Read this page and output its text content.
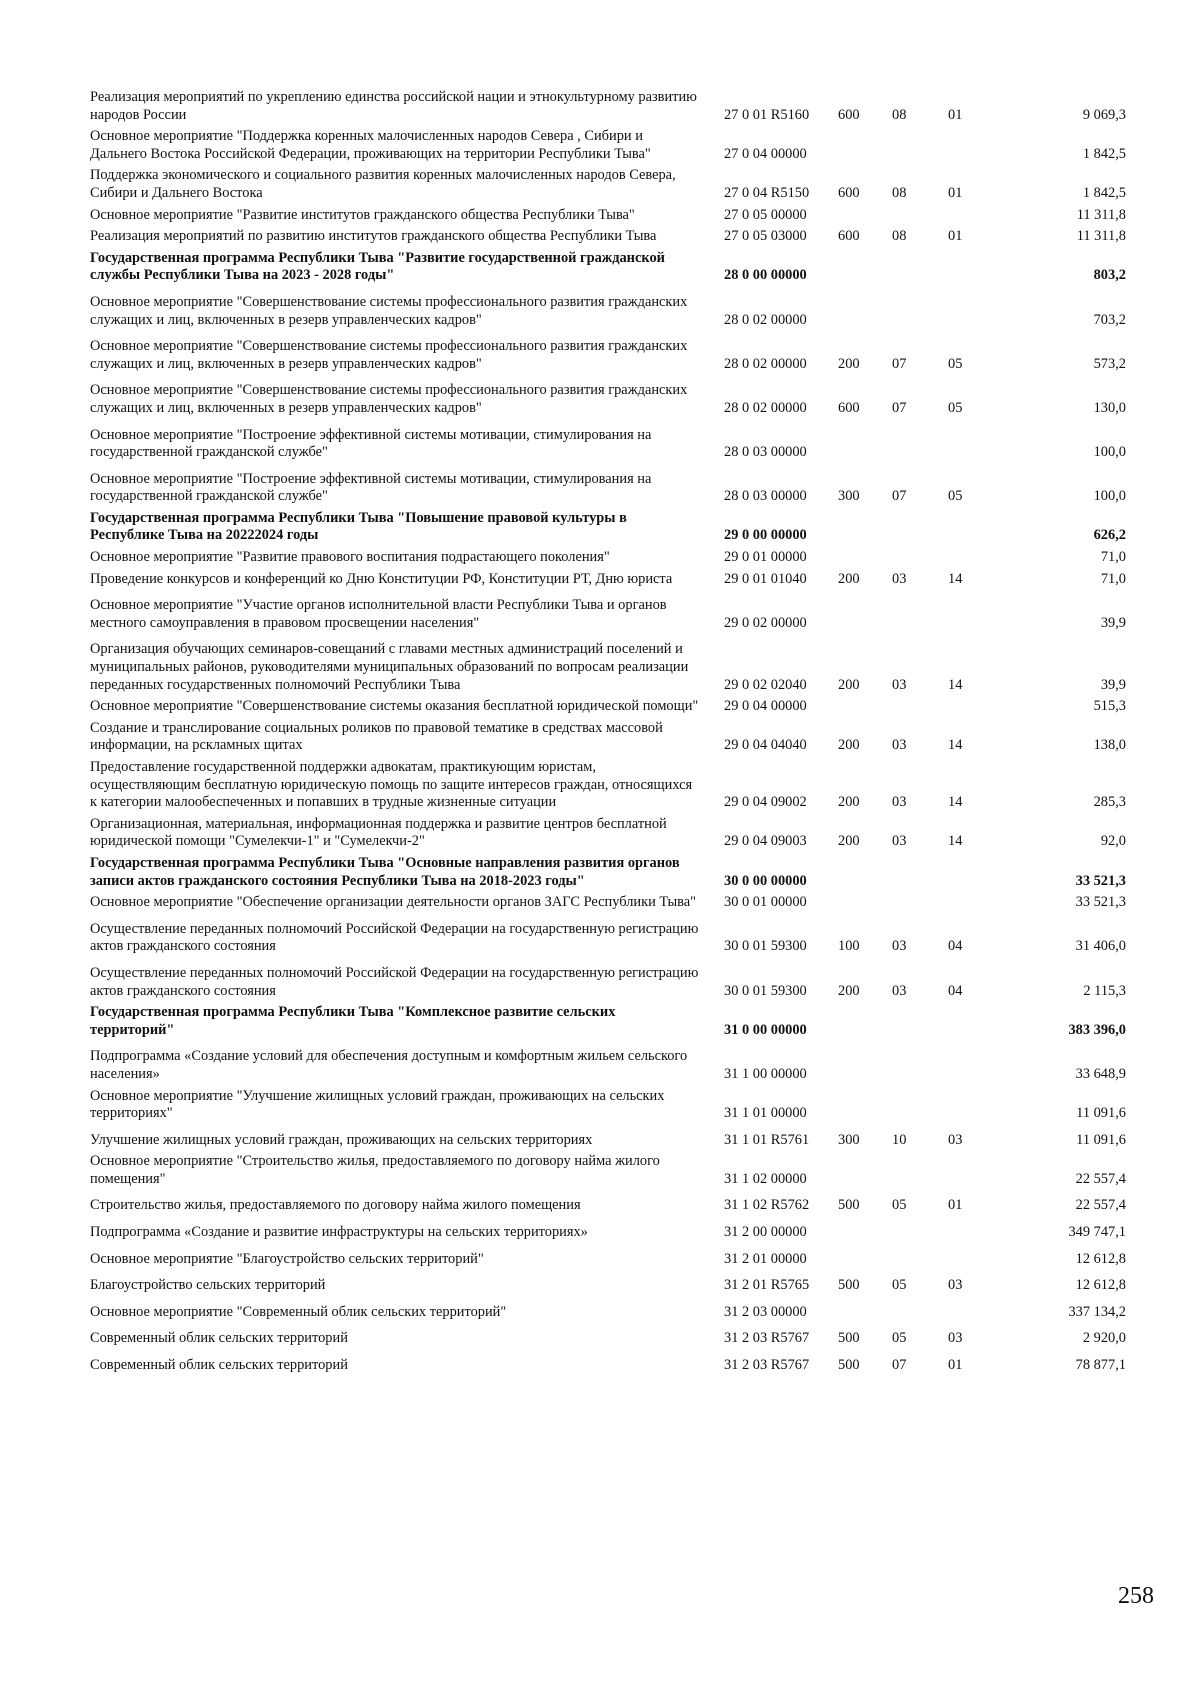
Реализация мероприятий по укреплению единства российской нации и этнокультурному развитию народов России	27 0 01 R5160	600	08	01	9 069,3
Основное мероприятие "Поддержка коренных малочисленных народов Севера , Сибири и Дальнего Востока Российской Федерации, проживающих на территории Республики Тыва"	27 0 04 00000				1 842,5
Поддержка экономического и социального развития коренных малочисленных народов Севера, Сибири и Дальнего Востока	27 0 04 R5150	600	08	01	1 842,5
Основное мероприятие "Развитие институтов гражданского общества Республики Тыва"	27 0 05 00000				11 311,8
Реализация мероприятий по развитию институтов гражданского общества Республики Тыва	27 0 05 03000	600	08	01	11 311,8
Государственная программа Республики Тыва "Развитие государственной гражданской службы Республики Тыва на 2023 - 2028 годы"	28 0 00 00000				803,2
Основное мероприятие "Совершенствование системы профессионального развития гражданских служащих и лиц, включенных в резерв управленческих кадров"	28 0 02 00000				703,2
Основное мероприятие "Совершенствование системы профессионального развития гражданских служащих и лиц, включенных в резерв управленческих кадров"	28 0 02 00000	200	07	05	573,2
Основное мероприятие "Совершенствование системы профессионального развития гражданских служащих и лиц, включенных в резерв управленческих кадров"	28 0 02 00000	600	07	05	130,0
Основное мероприятие "Построение эффективной системы мотивации, стимулирования на государственной гражданской службе"	28 0 03 00000				100,0
Основное мероприятие "Построение эффективной системы мотивации, стимулирования на государственной гражданской службе"	28 0 03 00000	300	07	05	100,0
Государственная программа Республики Тыва "Повышение правовой культуры в Республике Тыва на 20222024 годы	29 0 00 00000				626,2
Основное мероприятие "Развитие правового воспитания подрастающего поколения"	29 0 01 00000				71,0
Проведение конкурсов и конференций ко Дню Конституции РФ, Конституции РТ, Дню юриста	29 0 01 01040	200	03	14	71,0
Основное мероприятие "Участие органов исполнительной власти Республики Тыва и органов местного самоуправления в правовом просвещении населения"	29 0 02 00000				39,9
Организация обучающих семинаров-совещаний с главами местных администраций поселений и муниципальных районов, руководителями муниципальных образований по вопросам реализации переданных государственных полномочий Республики Тыва	29 0 02 02040	200	03	14	39,9
Основное мероприятие "Совершенствование системы оказания бесплатной юридической помощи"	29 0 04 00000				515,3
Создание и транслирование социальных роликов по правовой тематике в средствах массовой информации, на рсклaмных щитах	29 0 04 04040	200	03	14	138,0
Предоставление государственной поддержки адвокатам, практикующим юристам, осуществляющим бесплатную юридическую помощь по защите интересов граждан, относящихся к категории малообеспеченных и попавших в трудные жизненные ситуации	29 0 04 09002	200	03	14	285,3
Организационная, материальная, информационная поддержка и развитие центров бесплатной юридической помощи "Сумелекчи-1" и "Сумелекчи-2"	29 0 04 09003	200	03	14	92,0
Государственная программа Республики Тыва "Основные направления развития органов записи актов гражданского состояния Республики Тыва на 2018-2023 годы"	30 0 00 00000				33 521,3
Основное мероприятие "Обеспечение организации деятельности органов ЗАГС Республики Тыва"	30 0 01 00000				33 521,3
Осуществление переданных полномочий Российской Федерации на государственную регистрацию актов гражданского состояния	30 0 01 59300	100	03	04	31 406,0
Осуществление переданных полномочий Российской Федерации на государственную регистрацию актов гражданского состояния	30 0 01 59300	200	03	04	2 115,3
Государственная программа Республики Тыва "Комплексное развитие сельских территорий"	31 0 00 00000				383 396,0
Подпрограмма «Создание условий для обеспечения доступным и комфортным жильем сельского населения»	31 1 00 00000				33 648,9
Основное мероприятие "Улучшение жилищных условий граждан, проживающих на сельских территориях"	31 1 01 00000				11 091,6
Улучшение жилищных условий граждан, проживающих на сельских территориях	31 1 01 R5761	300	10	03	11 091,6
Основное мероприятие "Строительство жилья, предоставляемого по договору найма жилого помещения"	31 1 02 00000				22 557,4
Строительство жилья, предоставляемого по договору найма жилого помещения	31 1 02 R5762	500	05	01	22 557,4
Подпрограмма «Создание и развитие инфраструктуры на сельских территориях»	31 2 00 00000				349 747,1
Основное мероприятие "Благоустройство сельских территорий"	31 2 01 00000				12 612,8
Благоустройство сельских территорий	31 2 01 R5765	500	05	03	12 612,8
Основное мероприятие "Современный облик сельских территорий"	31 2 03 00000				337 134,2
Современный облик сельских территорий	31 2 03 R5767	500	05	03	2 920,0
Современный облик сельских территорий	31 2 03 R5767	500	07	01	78 877,1
258
